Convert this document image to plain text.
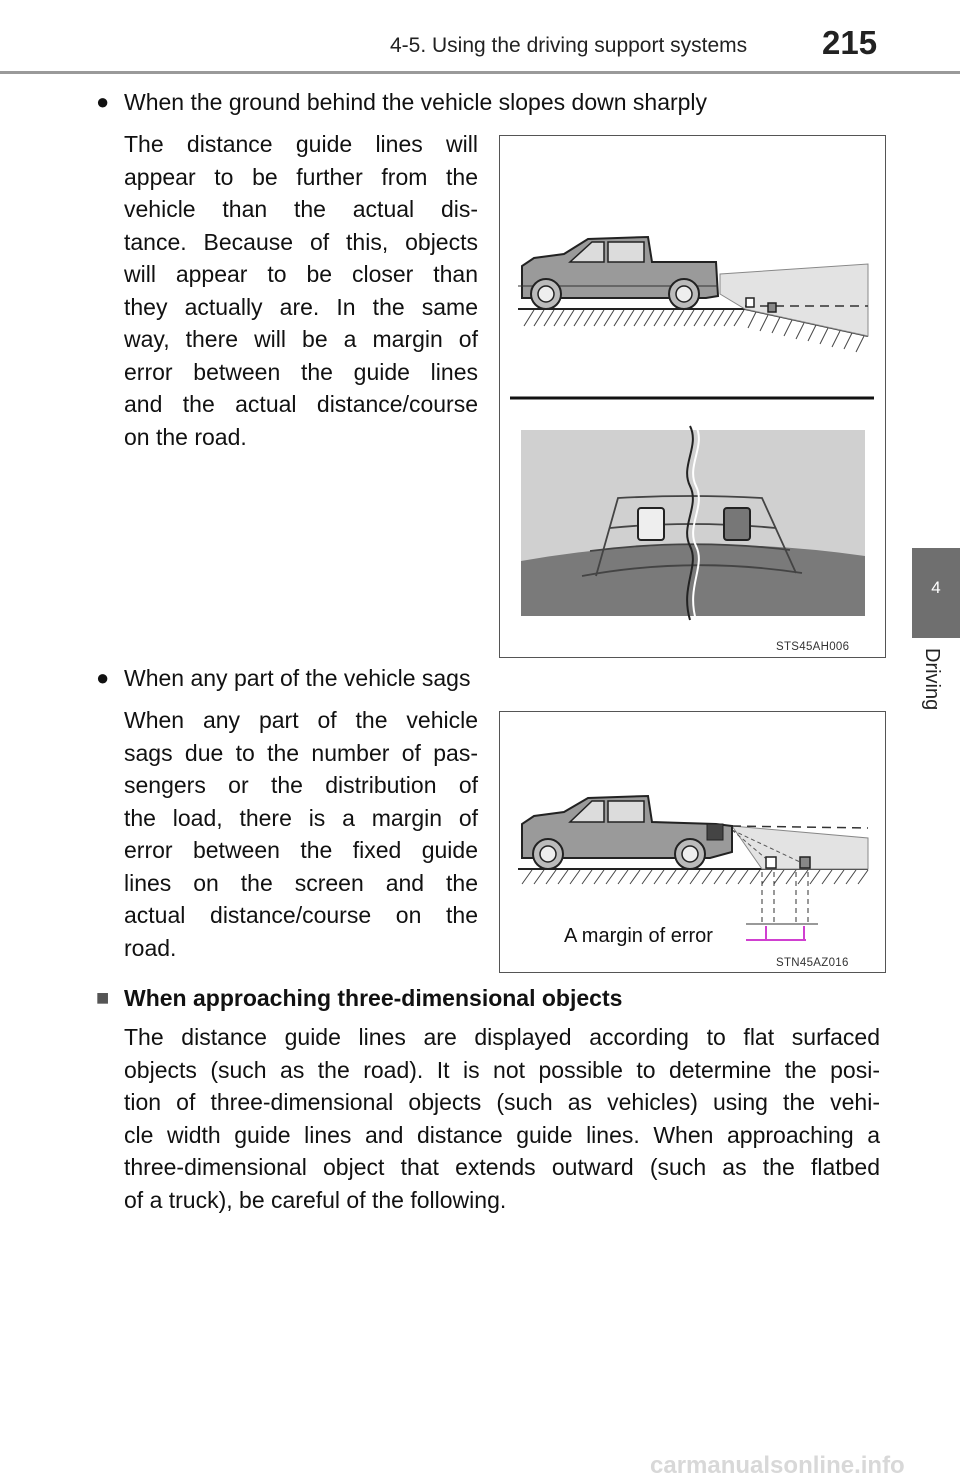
4-5. Using the driving support systems 215
4
Driving
● When the ground behind the vehicle slopes down sharply
The distance guide lines will
appear to be further from the
vehicle than the actual dis-
tance. Because of this, objects
will appear to be closer than
they actually are. In the same
way, there will be a margin of
error between the guide lines
and the actual distance/course
on the road.
STS45AH006
● When any part of the vehicle sags
When any part of the vehicle
sags due to the number of pas-
sengers or the distribution of
the load, there is a margin of
error between the fixed guide
lines on the screen and the
actual distance/course on the
road.	A margin of error
STN45AZ016
■ When approaching three-dimensional objects
The distance guide lines are displayed according to flat surfaced
objects (such as the road). It is not possible to determine the posi-
tion of three-dimensional objects (such as vehicles) using the vehi-
cle width guide lines and distance guide lines. When approaching a
three-dimensional object that extends outward (such as the flatbed
of a truck), be careful of the following.
carmanualsonline.info
